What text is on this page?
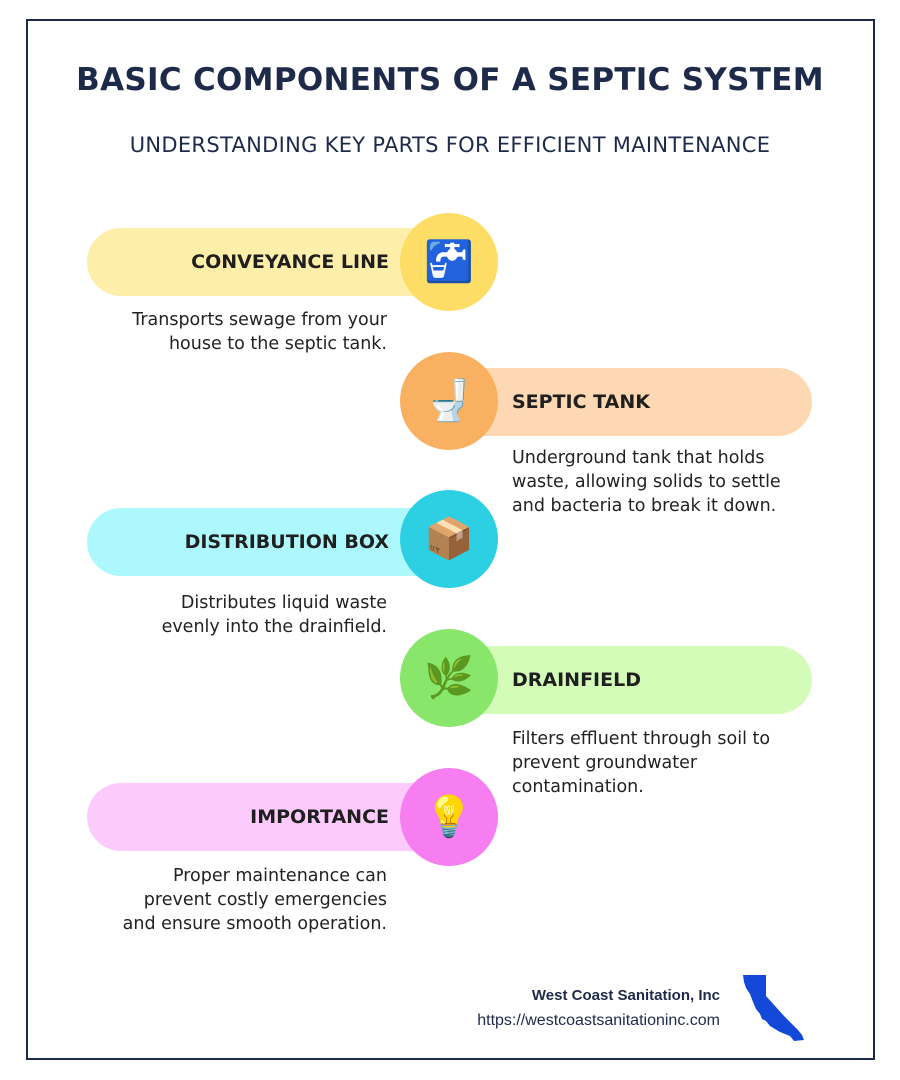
BASIC COMPONENTS OF A SEPTIC SYSTEM
UNDERSTANDING KEY PARTS FOR EFFICIENT MAINTENANCE
CONVEYANCE LINE 🚰
Transports sewage from your
house to the septic tank.
SEPTIC TANK
🚽
Underground tank that holds
waste, allowing solids to settle
and bacteria to break it down.
DISTRIBUTION BOX 📦
Distributes liquid waste
evenly into the drainfield.
DRAINFIELD
🌿
Filters effluent through soil to
prevent groundwater
contamination.
IMPORTANCE 💡
Proper maintenance can
prevent costly emergencies
and ensure smooth operation.
West Coast Sanitation, Inc
https://westcoastsanitationinc.com
